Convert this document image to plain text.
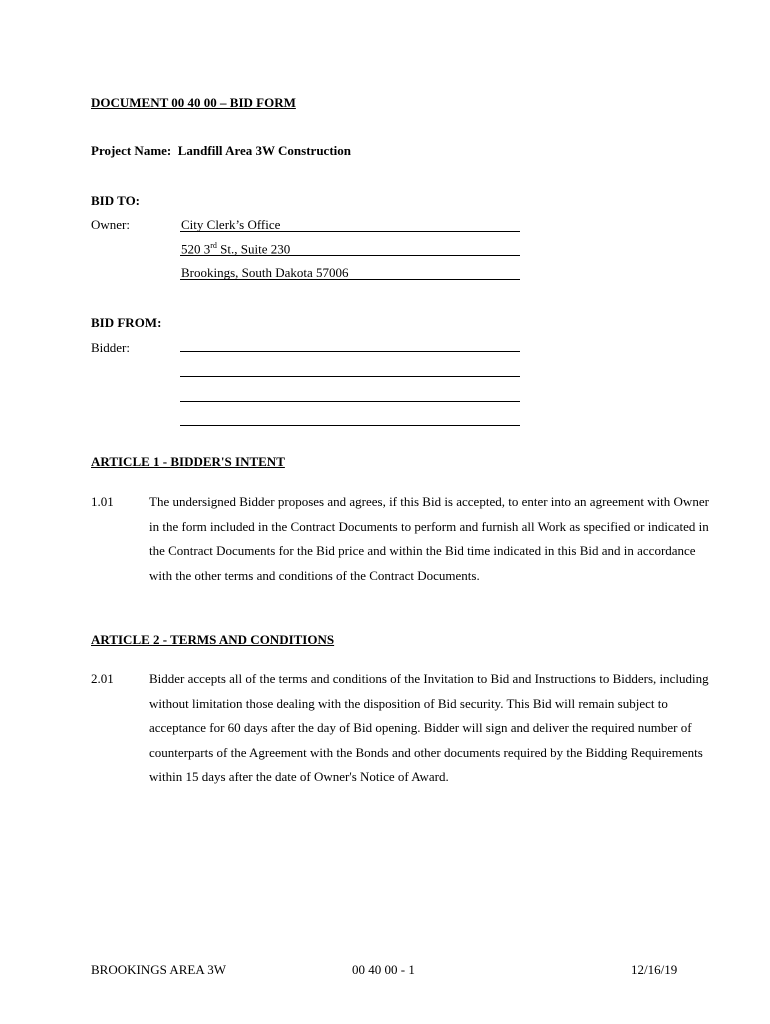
DOCUMENT 00 40 00 – BID FORM
Project Name: Landfill Area 3W Construction
BID TO:
Owner:	City Clerk’s Office
520 3rd St., Suite 230
Brookings, South Dakota 57006
BID FROM:
Bidder:
ARTICLE 1 - BIDDER'S INTENT
1.01	The undersigned Bidder proposes and agrees, if this Bid is accepted, to enter into an agreement with Owner in the form included in the Contract Documents to perform and furnish all Work as specified or indicated in the Contract Documents for the Bid price and within the Bid time indicated in this Bid and in accordance with the other terms and conditions of the Contract Documents.
ARTICLE 2 - TERMS AND CONDITIONS
2.01	Bidder accepts all of the terms and conditions of the Invitation to Bid and Instructions to Bidders, including without limitation those dealing with the disposition of Bid security. This Bid will remain subject to acceptance for 60 days after the day of Bid opening. Bidder will sign and deliver the required number of counterparts of the Agreement with the Bonds and other documents required by the Bidding Requirements within 15 days after the date of Owner's Notice of Award.
BROOKINGS AREA 3W	00 40 00 - 1	12/16/19
